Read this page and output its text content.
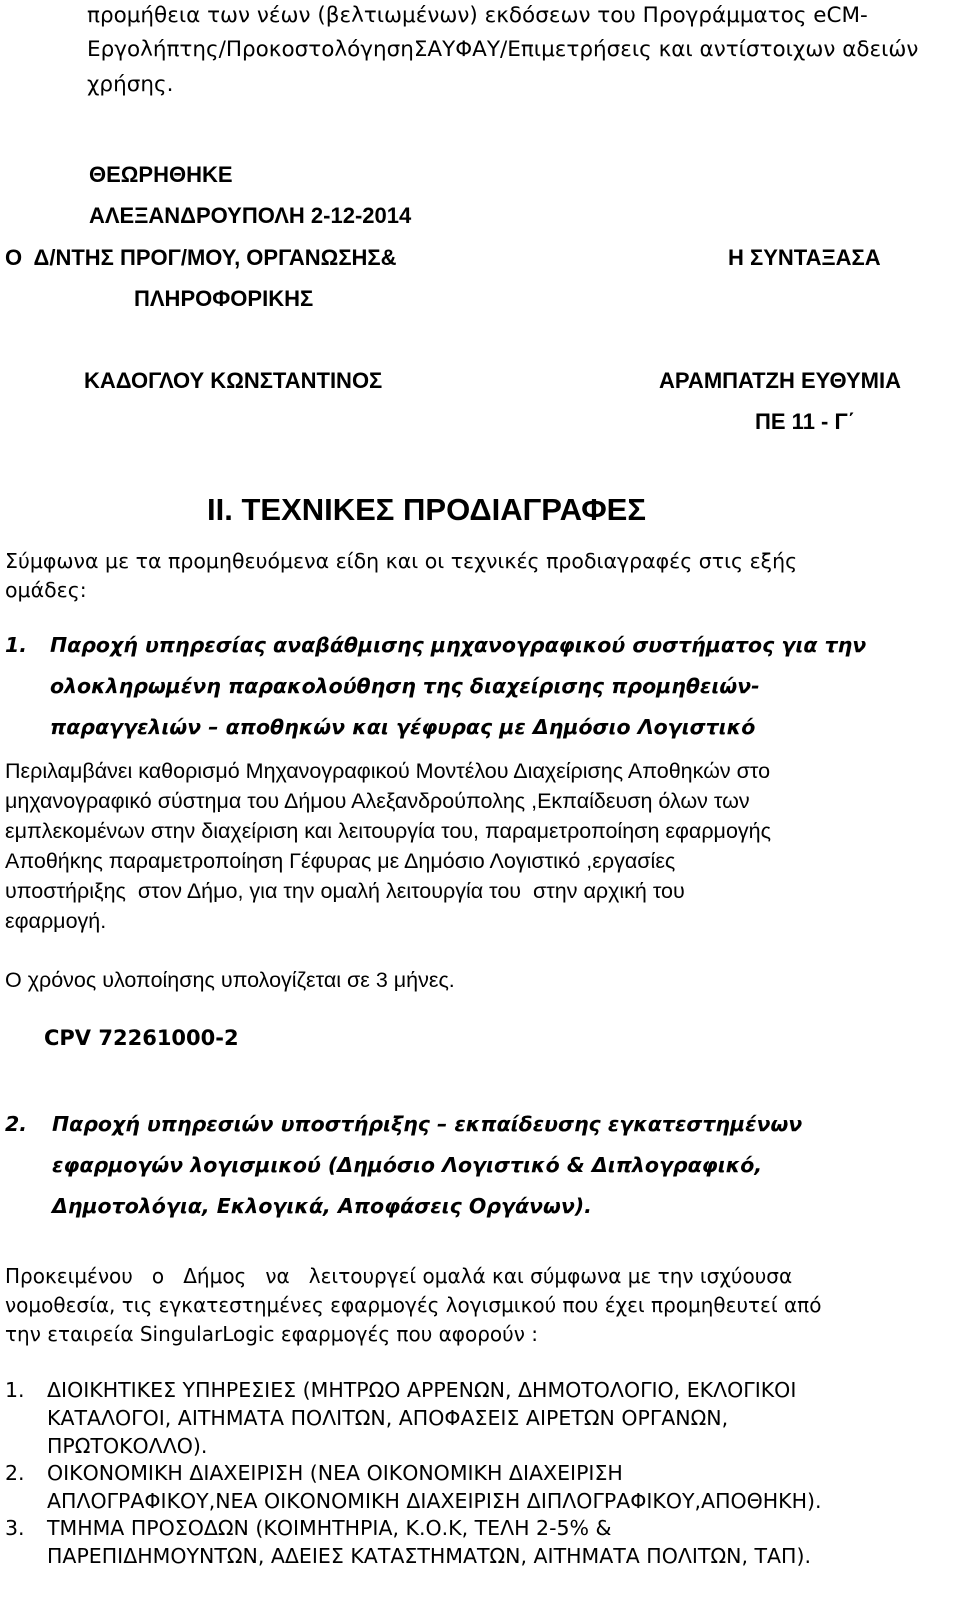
προμήθεια των νέων (βελτιωμένων) εκδόσεων του Προγράμματος eCM-
Εργολήπτης/ΠροκοστολόγησηΣΑΥΦΑΥ/Επιμετρήσεις και αντίστοιχων αδειών
χρήσης.
ΘΕΩΡΗΘΗΚΕ
ΑΛΕΞΑΝΔΡΟΥΠΟΛΗ 2-12-2014
Ο  Δ/ΝΤΗΣ ΠΡΟΓ/ΜΟΥ, ΟΡΓΑΝΩΣΗΣ&	Η ΣΥΝΤΑΞΑΣΑ
ΠΛΗΡΟΦΟΡΙΚΗΣ
ΚΑΔΟΓΛΟΥ ΚΩΝΣΤΑΝΤΙΝΟΣ	ΑΡΑΜΠΑΤΖΗ ΕΥΘΥΜΙΑ
ΠΕ 11 - Γ΄
II. ΤΕΧΝΙΚΕΣ ΠΡΟΔΙΑΓΡΑΦΕΣ
Σύμφωνα με τα προμηθευόμενα είδη και οι τεχνικές προδιαγραφές στις εξής
ομάδες:
1. Παροχή υπηρεσίας αναβάθμισης μηχανογραφικού συστήματος για την
ολοκληρωμένη παρακολούθηση της διαχείρισης προμηθειών-
παραγγελιών – αποθηκών και γέφυρας με Δημόσιο Λογιστικό
Περιλαμβάνει καθορισμό Μηχανογραφικού Μοντέλου Διαχείρισης Αποθηκών στο
μηχανογραφικό σύστημα του Δήμου Αλεξανδρούπολης ,Εκπαίδευση όλων των
εμπλεκομένων στην διαχείριση και λειτουργία του, παραμετροποίηση εφαρμογής
Αποθήκης παραμετροποίηση Γέφυρας με Δημόσιο Λογιστικό ,εργασίες
υποστήριξης  στον Δήμο, για την ομαλή λειτουργία του  στην αρχική του
εφαρμογή.
Ο χρόνος υλοποίησης υπολογίζεται σε 3 μήνες.
CPV 72261000-2
2. Παροχή υπηρεσιών υποστήριξης – εκπαίδευσης εγκατεστημένων
εφαρμογών λογισμικού (Δημόσιο Λογιστικό & Διπλογραφικό,
Δημοτολόγια, Εκλογικά, Αποφάσεις Οργάνων).
Προκειμένου   ο   Δήμος   να   λειτουργεί ομαλά και σύμφωνα με την ισχύουσα
νομοθεσία, τις εγκατεστημένες εφαρμογές λογισμικού που έχει προμηθευτεί από
την εταιρεία SingularLogic εφαρμογές που αφορούν :
1. ΔΙΟΙΚΗΤΙΚΕΣ ΥΠΗΡΕΣΙΕΣ (ΜΗΤΡΩΟ ΑΡΡΕΝΩΝ, ΔΗΜΟΤΟΛΟΓΙΟ, ΕΚΛΟΓΙΚΟΙ
ΚΑΤΑΛΟΓΟΙ, ΑΙΤΗΜΑΤΑ ΠΟΛΙΤΩΝ, ΑΠΟΦΑΣΕΙΣ ΑΙΡΕΤΩΝ ΟΡΓΑΝΩΝ,
ΠΡΩΤΟΚΟΛΛΟ).
2. ΟΙΚΟΝΟΜΙΚΗ ΔΙΑΧΕΙΡΙΣΗ (ΝΕΑ ΟΙΚΟΝΟΜΙΚΗ ΔΙΑΧΕΙΡΙΣΗ
ΑΠΛΟΓΡΑΦΙΚΟΥ,ΝΕΑ ΟΙΚΟΝΟΜΙΚΗ ΔΙΑΧΕΙΡΙΣΗ ΔΙΠΛΟΓΡΑΦΙΚΟΥ,ΑΠΟΘΗΚΗ).
3. ΤΜΗΜΑ ΠΡΟΣΟΔΩΝ (ΚΟΙΜΗΤΗΡΙΑ, Κ.Ο.Κ, ΤΕΛΗ 2-5% &
ΠΑΡΕΠΙΔΗΜΟΥΝΤΩΝ, ΑΔΕΙΕΣ ΚΑΤΑΣΤΗΜΑΤΩΝ, ΑΙΤΗΜΑΤΑ ΠΟΛΙΤΩΝ, ΤΑΠ).
